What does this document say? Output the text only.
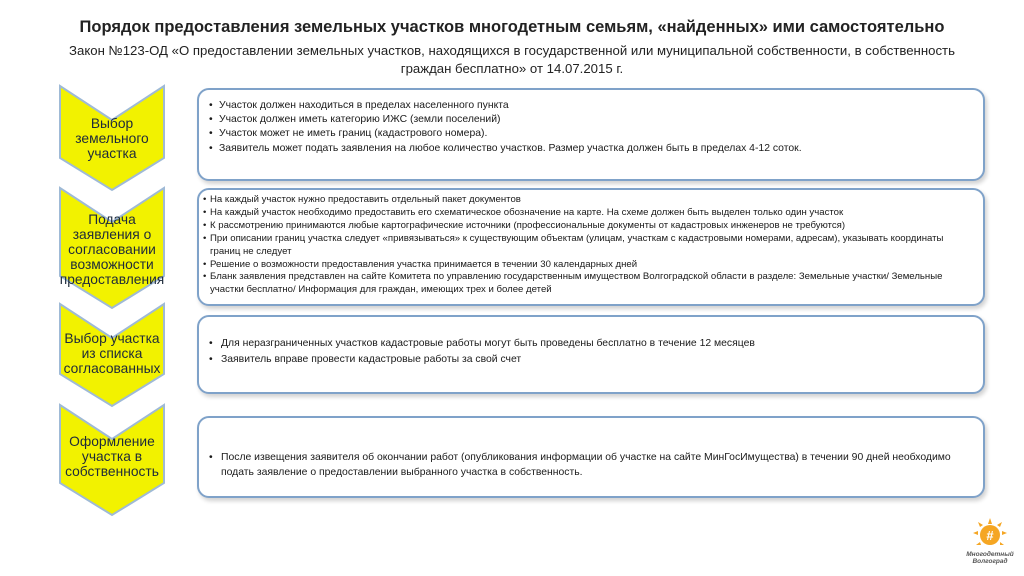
Порядок предоставления земельных участков многодетным семьям, «найденных» ими самостоятельно
Закон №123-ОД «О предоставлении земельных участков, находящихся в государственной или муниципальной собственности, в собственность
граждан бесплатно» от 14.07.2015 г.
Выбор
земельного
участка
• Участок должен находиться в пределах населенного пункта
• Участок должен иметь категорию ИЖС (земли поселений)
• Участок может не иметь границ (кадастрового номера).
• Заявитель может подать заявления на любое количество участков. Размер участка должен быть в пределах 4-12 соток.
Подача
заявления о
согласовании
возможности
предоставления
• На каждый участок нужно предоставить отдельный пакет документов
• На каждый участок необходимо предоставить его схематическое обозначение на карте. На схеме должен быть выделен только один участок
• К рассмотрению принимаются любые картографические источники (профессиональные документы от кадастровых инженеров не требуются)
• При описании границ участка следует «привязываться» к существующим объектам (улицам, участкам с кадастровыми номерами, адресам), указывать координаты границ не следует
• Решение о возможности предоставления участка принимается в течении 30 календарных дней
• Бланк заявления представлен на сайте Комитета по управлению государственным имуществом Волгоградской области в разделе: Земельные участки/ Земельные участки бесплатно/ Информация для граждан, имеющих трех и более детей
Выбор участка
из списка
согласованных
• Для неразграниченных участков кадастровые работы могут быть проведены бесплатно в течение 12 месяцев
• Заявитель вправе провести кадастровые работы за свой счет
Оформление
участка в
собственность
• После извещения заявителя об окончании работ (опубликования информации об участке на сайте МинГосИмущества) в течении 90 дней необходимо подать заявление о предоставлении выбранного участка в собственность.
#
Многодетный
Волгоград
